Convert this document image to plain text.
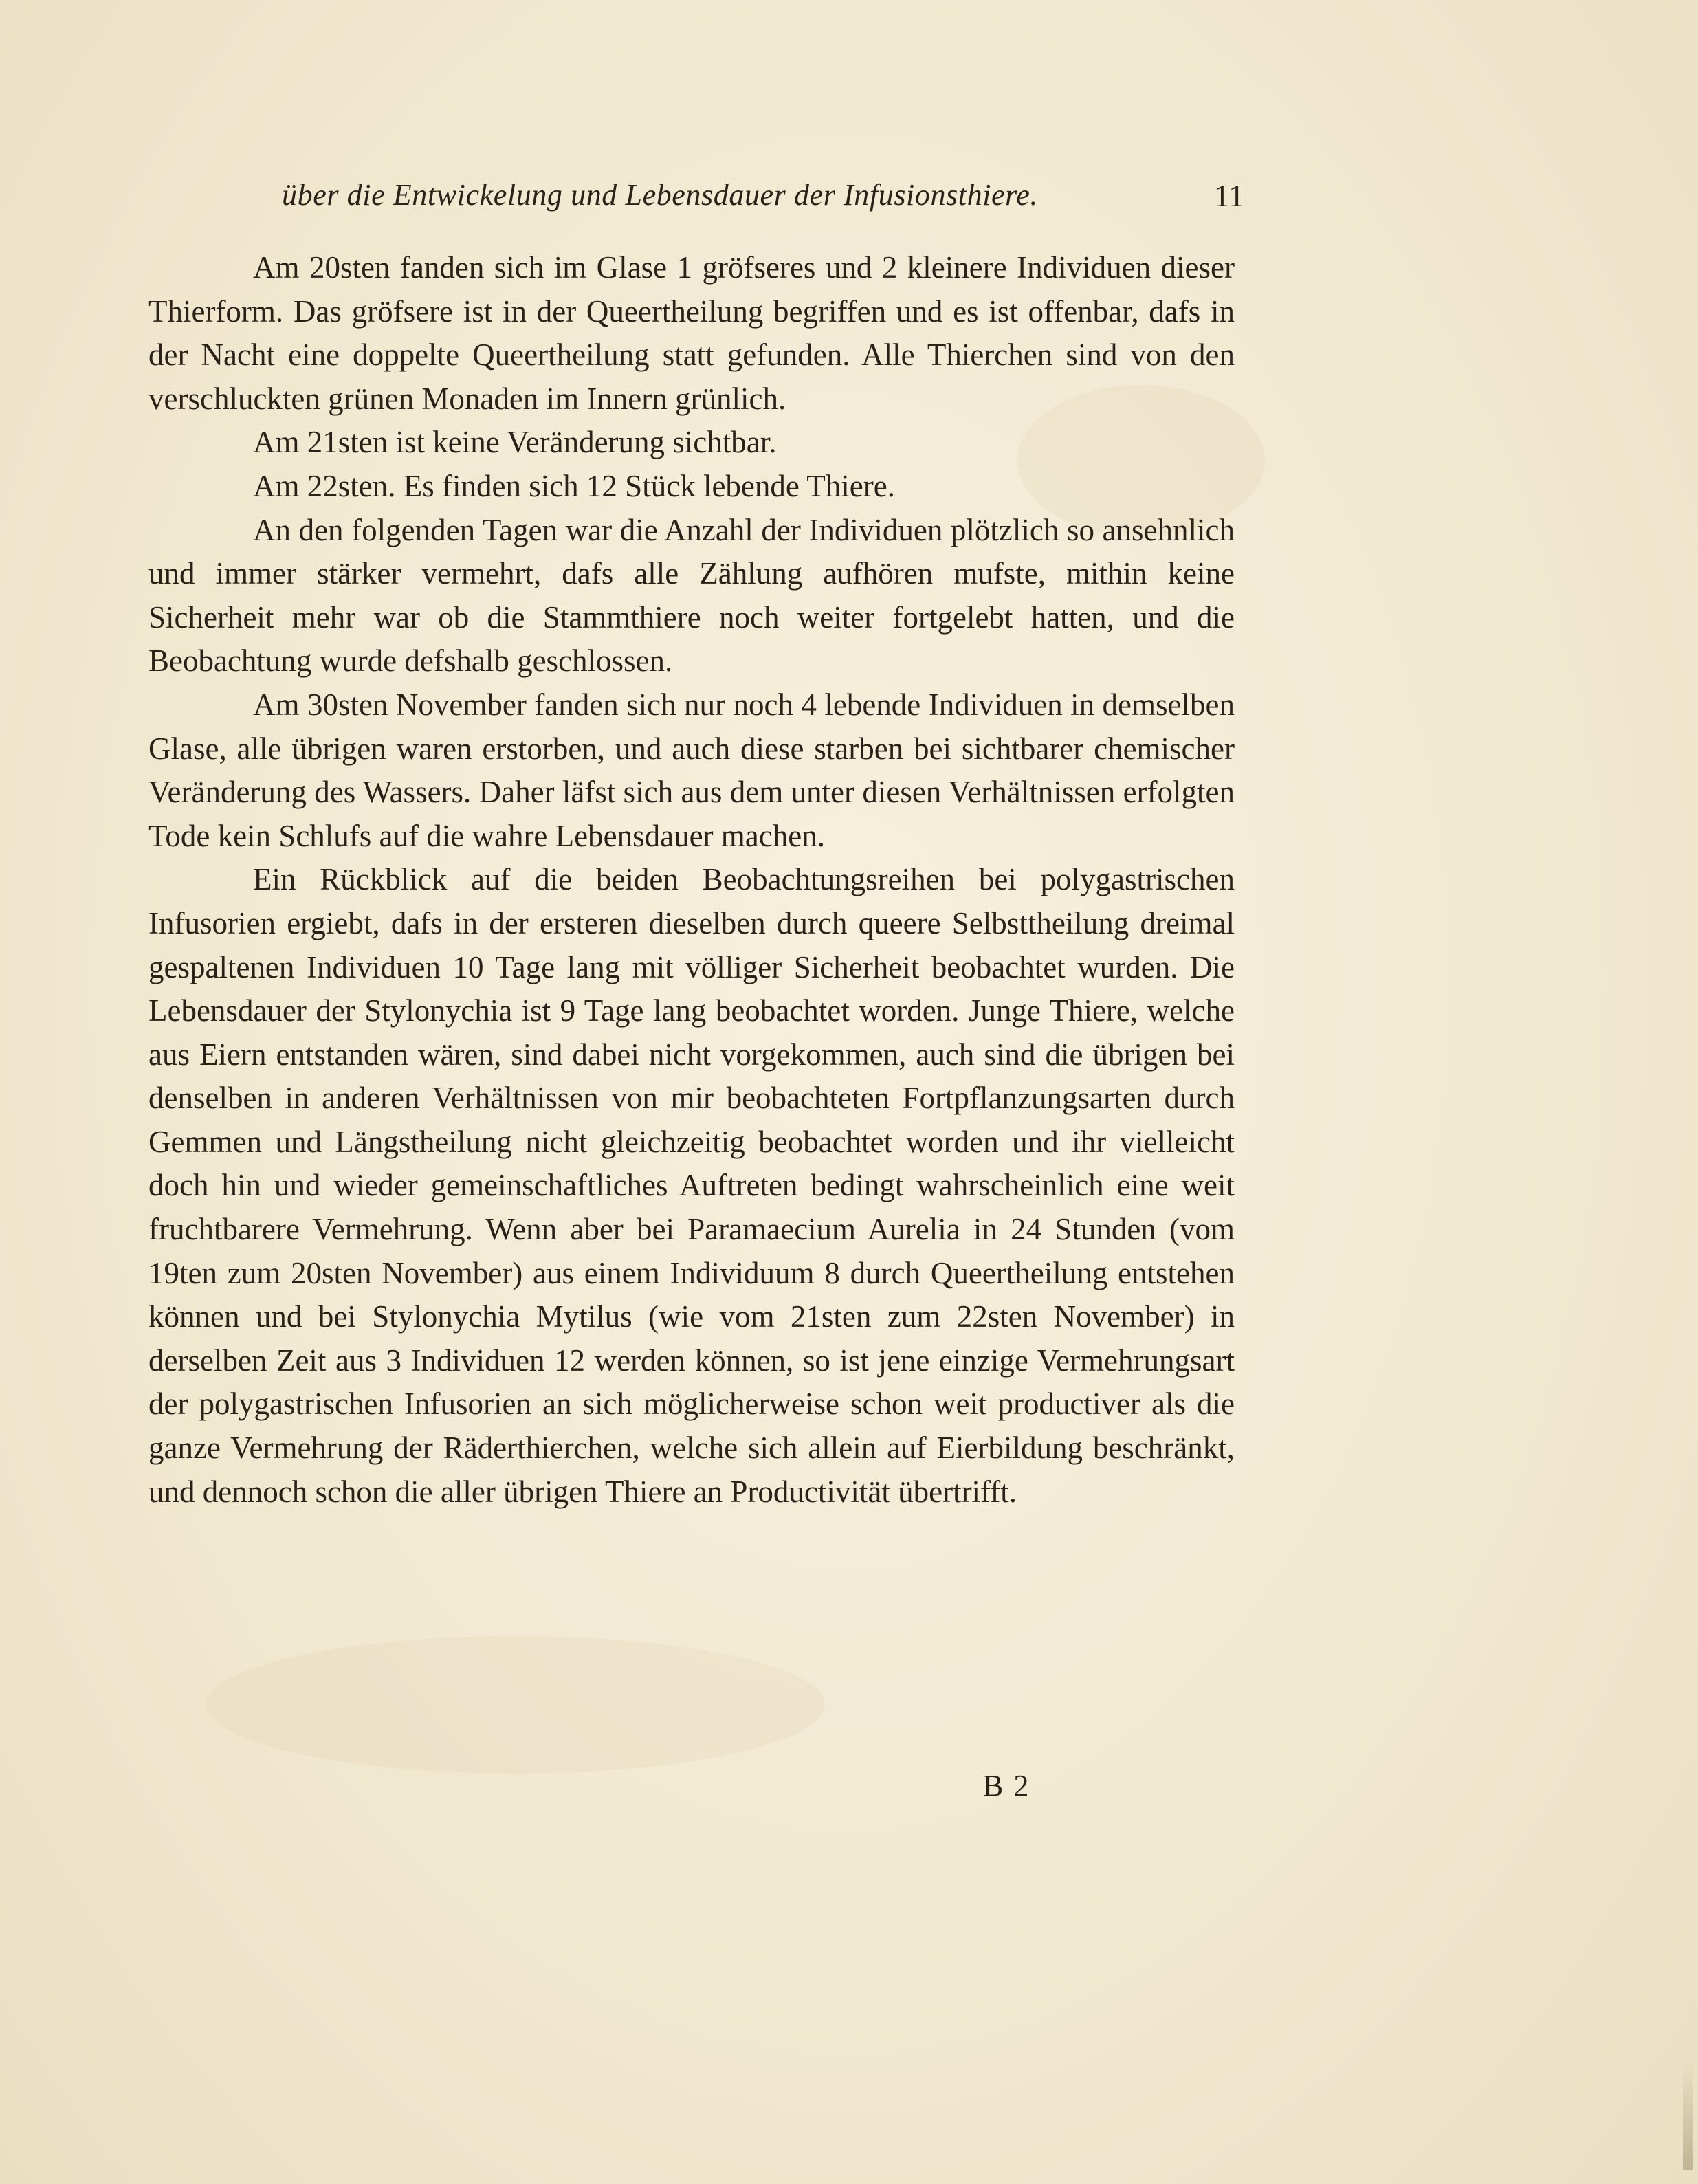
über die Entwickelung und Lebensdauer der Infusionsthiere.	11

Am 20sten fanden sich im Glase 1 gröfseres und 2 kleinere Individuen dieser Thierform. Das gröfsere ist in der Queertheilung begriffen und es ist offenbar, dafs in der Nacht eine doppelte Queertheilung statt gefunden. Alle Thierchen sind von den verschluckten grünen Monaden im Innern grünlich.

Am 21sten ist keine Veränderung sichtbar.

Am 22sten. Es finden sich 12 Stück lebende Thiere.

An den folgenden Tagen war die Anzahl der Individuen plötzlich so ansehnlich und immer stärker vermehrt, dafs alle Zählung aufhören mufste, mithin keine Sicherheit mehr war ob die Stammthiere noch weiter fortgelebt hatten, und die Beobachtung wurde defshalb geschlossen.

Am 30sten November fanden sich nur noch 4 lebende Individuen in demselben Glase, alle übrigen waren erstorben, und auch diese starben bei sichtbarer chemischer Veränderung des Wassers. Daher läfst sich aus dem unter diesen Verhältnissen erfolgten Tode kein Schlufs auf die wahre Lebensdauer machen.

Ein Rückblick auf die beiden Beobachtungsreihen bei polygastrischen Infusorien ergiebt, dafs in der ersteren dieselben durch queere Selbsttheilung dreimal gespaltenen Individuen 10 Tage lang mit völliger Sicherheit beobachtet wurden. Die Lebensdauer der Stylonychia ist 9 Tage lang beobachtet worden. Junge Thiere, welche aus Eiern entstanden wären, sind dabei nicht vorgekommen, auch sind die übrigen bei denselben in anderen Verhältnissen von mir beobachteten Fortpflanzungsarten durch Gemmen und Längstheilung nicht gleichzeitig beobachtet worden und ihr vielleicht doch hin und wieder gemeinschaftliches Auftreten bedingt wahrscheinlich eine weit fruchtbarere Vermehrung. Wenn aber bei Paramaecium Aurelia in 24 Stunden (vom 19ten zum 20sten November) aus einem Individuum 8 durch Queertheilung entstehen können und bei Stylonychia Mytilus (wie vom 21sten zum 22sten November) in derselben Zeit aus 3 Individuen 12 werden können, so ist jene einzige Vermehrungsart der polygastrischen Infusorien an sich möglicherweise schon weit productiver als die ganze Vermehrung der Räderthierchen, welche sich allein auf Eierbildung beschränkt, und dennoch schon die aller übrigen Thiere an Productivität übertrifft.

B 2
